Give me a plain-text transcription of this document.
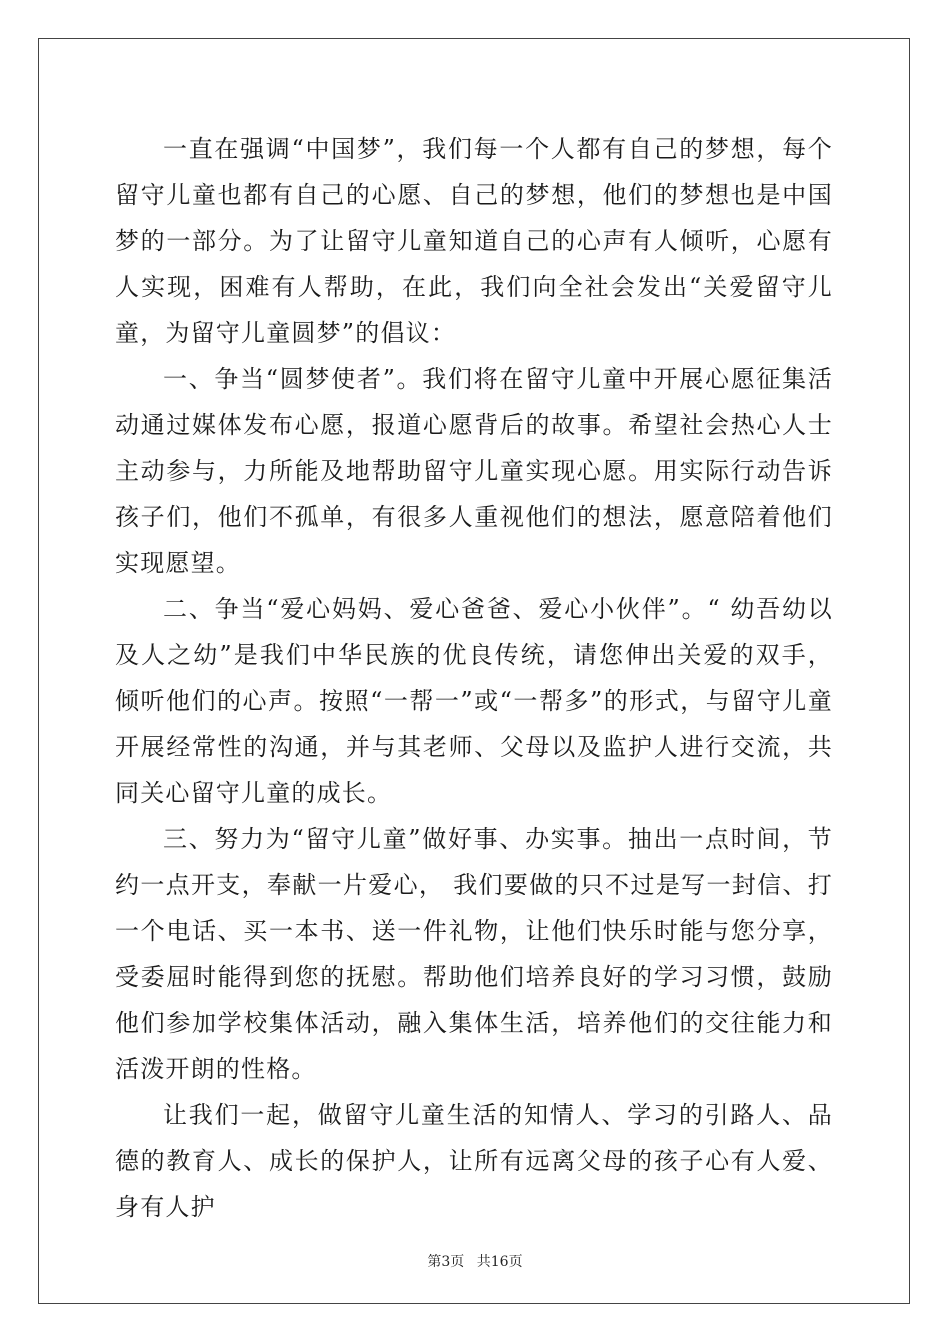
一直在强调“中国梦”，我们每一个人都有自己的梦想，每个留守儿童也都有自己的心愿、自己的梦想，他们的梦想也是中国梦的一部分。为了让留守儿童知道自己的心声有人倾听，心愿有人实现，困难有人帮助，在此，我们向全社会发出“关爱留守儿童，为留守儿童圆梦”的倡议：

一、争当“圆梦使者”。我们将在留守儿童中开展心愿征集活动通过媒体发布心愿，报道心愿背后的故事。希望社会热心人士主动参与，力所能及地帮助留守儿童实现心愿。用实际行动告诉孩子们，他们不孤单，有很多人重视他们的想法，愿意陪着他们实现愿望。

二、争当“爱心妈妈、爱心爸爸、爱心小伙伴”。“ 幼吾幼以及人之幼”是我们中华民族的优良传统，请您伸出关爱的双手，倾听他们的心声。按照“一帮一”或“一帮多”的形式，与留守儿童开展经常性的沟通，并与其老师、父母以及监护人进行交流，共同关心留守儿童的成长。

三、努力为“留守儿童”做好事、办实事。抽出一点时间，节约一点开支，奉献一片爱心， 我们要做的只不过是写一封信、打一个电话、买一本书、送一件礼物，让他们快乐时能与您分享，受委屈时能得到您的抚慰。帮助他们培养良好的学习习惯，鼓励他们参加学校集体活动，融入集体生活，培养他们的交往能力和活泼开朗的性格。

让我们一起，做留守儿童生活的知情人、学习的引路人、品德的教育人、成长的保护人，让所有远离父母的孩子心有人爱、身有人护

第3页 共16页
